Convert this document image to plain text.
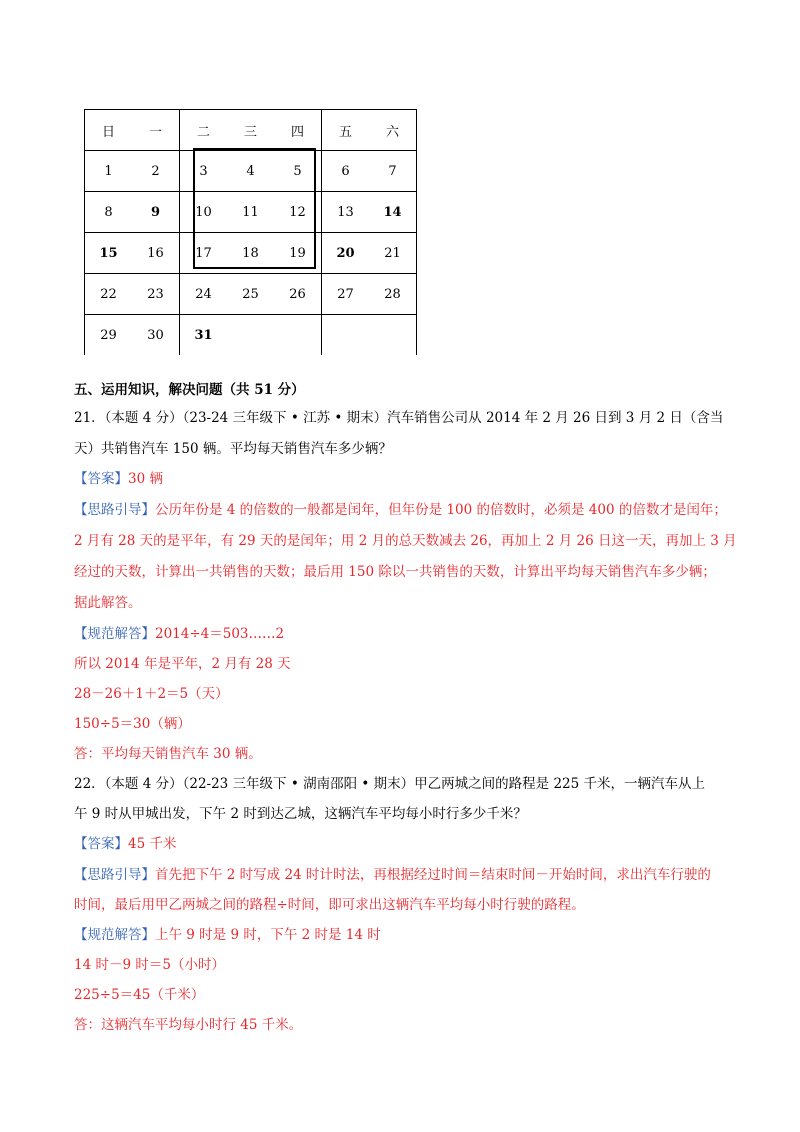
日	一	二	三	四	五	六
1	2	3	4	5	6	7
8	9	10	11	12	13	14
15	16	17	18	19	20	21
22	23	24	25	26	27	28
29	30	31				
五、运用知识，解决问题（共 51 分）
21．（本题 4 分）（23-24 三年级下 • 江苏 • 期末）汽车销售公司从 2014 年 2 月 26 日到 3 月 2 日（含当
天）共销售汽车 150 辆。平均每天销售汽车多少辆？
【答案】30 辆
【思路引导】公历年份是 4 的倍数的一般都是闰年，但年份是 100 的倍数时，必须是 400 的倍数才是闰年；
2 月有 28 天的是平年，有 29 天的是闰年；用 2 月的总天数减去 26，再加上 2 月 26 日这一天，再加上 3 月
经过的天数，计算出一共销售的天数；最后用 150 除以一共销售的天数，计算出平均每天销售汽车多少辆；
据此解答。
【规范解答】2014÷4＝503……2
所以 2014 年是平年，2 月有 28 天
28－26＋1＋2＝5（天）
150÷5＝30（辆）
答：平均每天销售汽车 30 辆。
22．（本题 4 分）（22-23 三年级下 • 湖南邵阳 • 期末）甲乙两城之间的路程是 225 千米，一辆汽车从上
午 9 时从甲城出发，下午 2 时到达乙城，这辆汽车平均每小时行多少千米？
【答案】45 千米
【思路引导】首先把下午 2 时写成 24 时计时法，再根据经过时间＝结束时间－开始时间，求出汽车行驶的
时间，最后用甲乙两城之间的路程÷时间，即可求出这辆汽车平均每小时行驶的路程。
【规范解答】上午 9 时是 9 时，下午 2 时是 14 时
14 时－9 时＝5（小时）
225÷5＝45（千米）
答：这辆汽车平均每小时行 45 千米。
